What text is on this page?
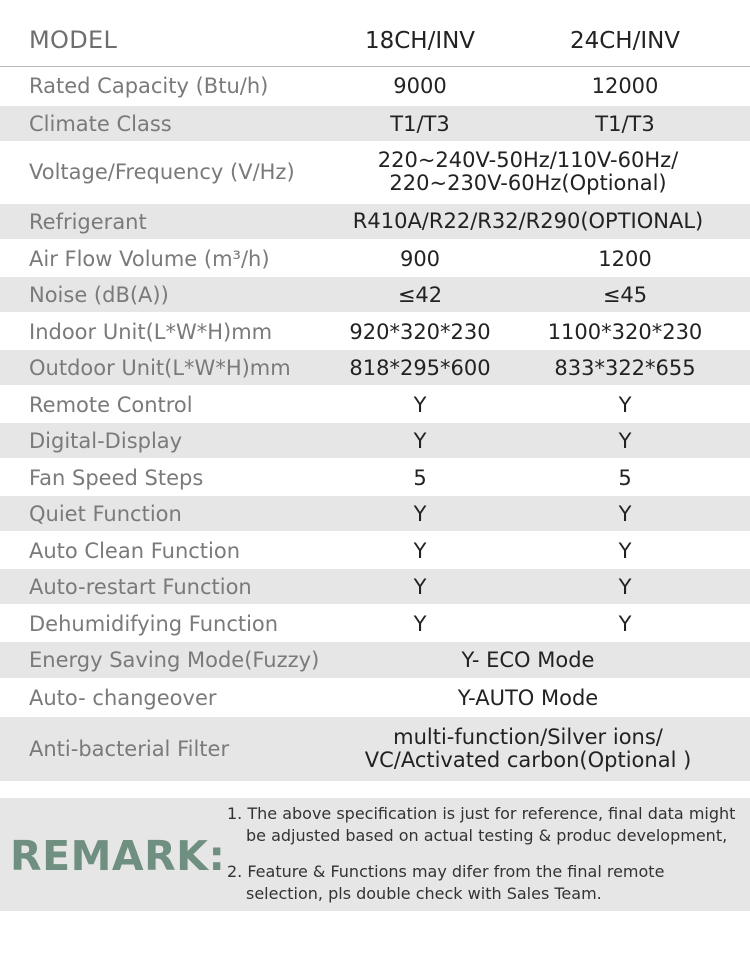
MODEL	18CH/INV	24CH/INV
Rated Capacity (Btu/h)	9000	12000
Climate Class	T1/T3	T1/T3
Voltage/Frequency (V/Hz)	220~240V-50Hz/110V-60Hz/
220~230V-60Hz(Optional)
Refrigerant	R410A/R22/R32/R290(OPTIONAL)
Air Flow Volume (m³/h)	900	1200
Noise (dB(A))	≤42	≤45
Indoor Unit(L*W*H)mm	920*320*230	1100*320*230
Outdoor Unit(L*W*H)mm	818*295*600	833*322*655
Remote Control	Y	Y
Digital-Display	Y	Y
Fan Speed Steps	5	5
Quiet Function	Y	Y
Auto Clean Function	Y	Y
Auto-restart Function	Y	Y
Dehumidifying Function	Y	Y
Energy Saving Mode(Fuzzy)	Y- ECO Mode
Auto- changeover	Y-AUTO Mode
Anti-bacterial Filter	multi-function/Silver ions/
VC/Activated carbon(Optional )
REMARK:
1. The above specification is just for reference, final data might
be adjusted based on actual testing & produc development,
2. Feature & Functions may difer from the final remote
selection, pls double check with Sales Team.
